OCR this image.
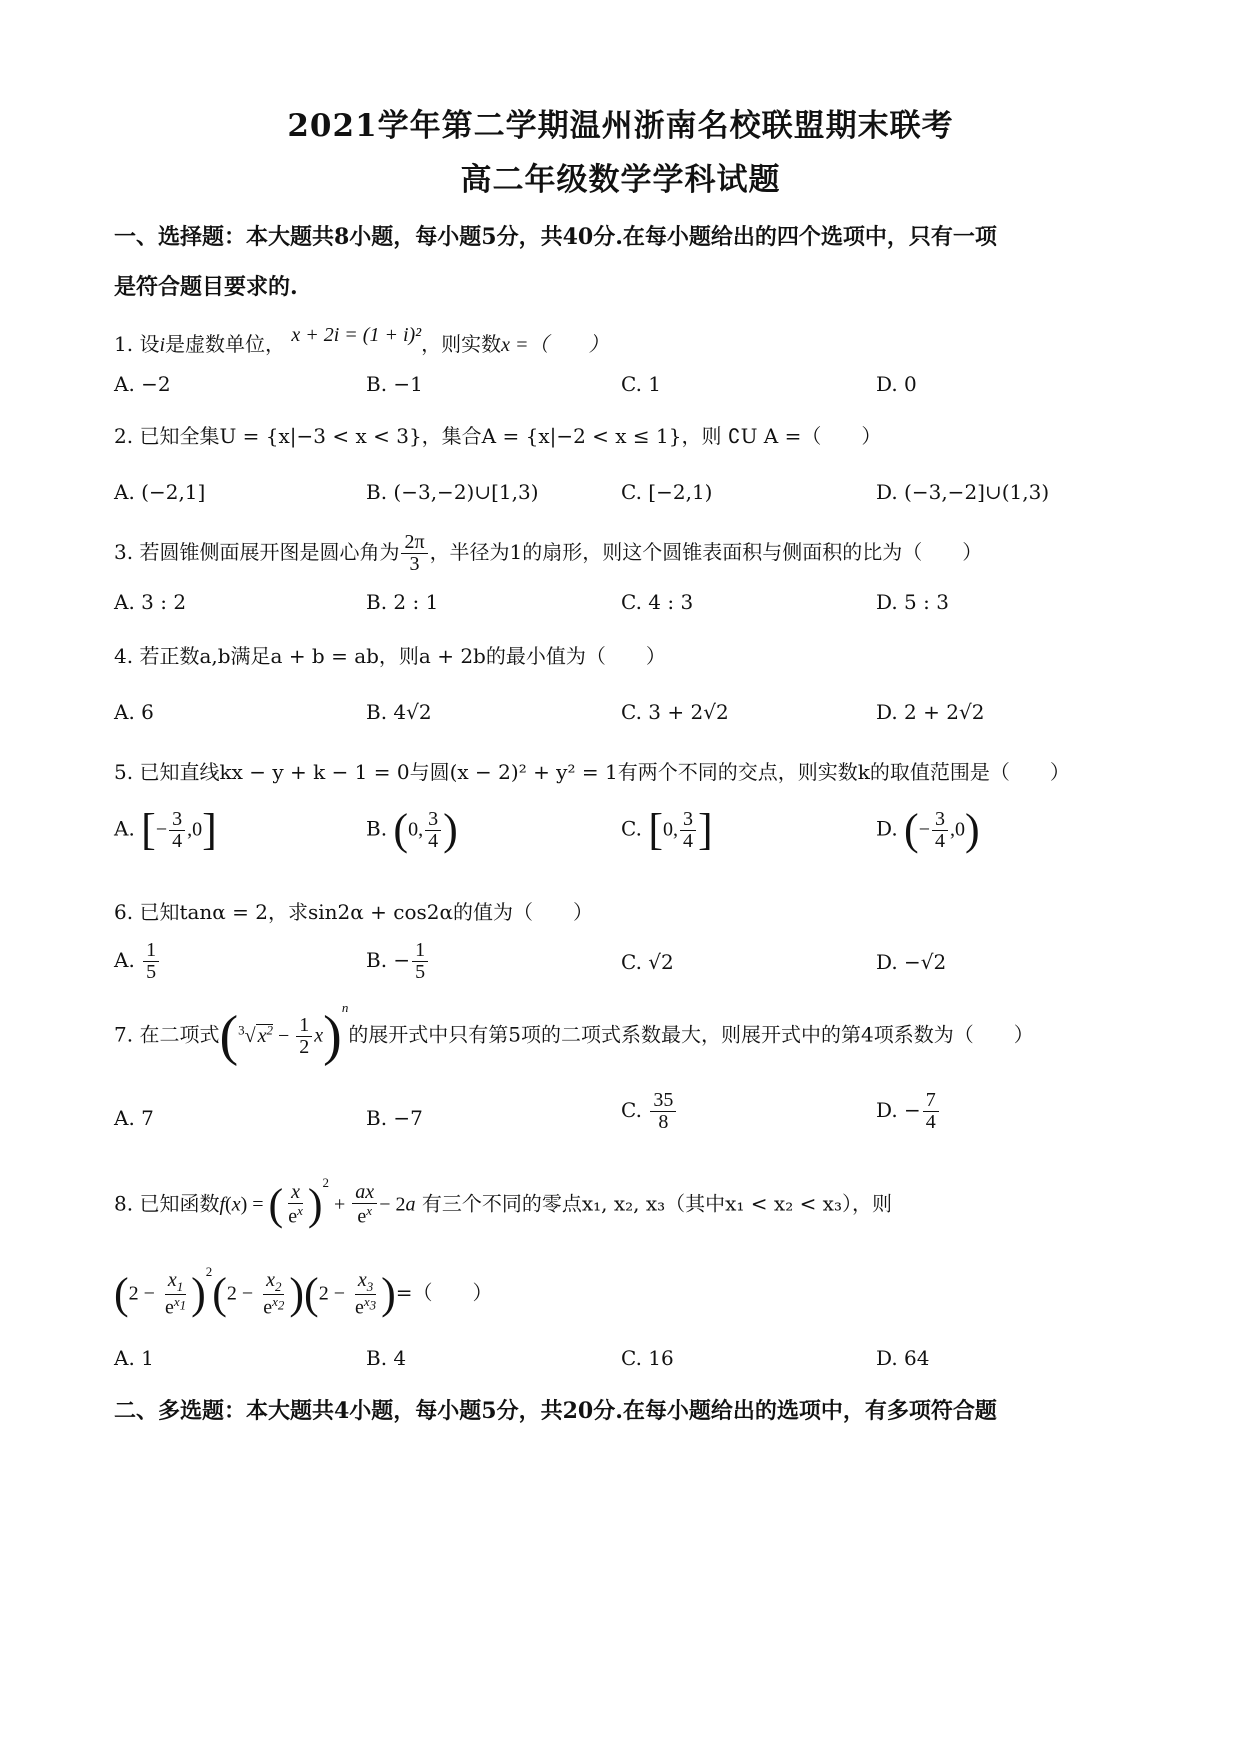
2021学年第二学期温州浙南名校联盟期末联考
高二年级数学学科试题
一、选择题：本大题共8小题，每小题5分，共40分.在每小题给出的四个选项中，只有一项
是符合题目要求的.
1. 设i是虚数单位， x + 2i = (1 + i)²，则实数x =（　　）
A. −2	B. −1	C. 1	D. 0
2. 已知全集U = {x|−3 < x < 3}，集合A = {x|−2 < x ≤ 1}，则 ∁U A =（　　）
A. (−2,1]	B. (−3,−2)∪[1,3)	C. [−2,1)	D. (−3,−2]∪(1,3)
3. 若圆锥侧面展开图是圆心角为 $\frac{2\pi}{3}$ ，半径为1的扇形，则这个圆锥表面积与侧面积的比为（　　）
A. 3 : 2	B. 2 : 1	C. 4 : 3	D. 5 : 3
4. 若正数a,b满足a + b = ab，则a + 2b的最小值为（　　）
A. 6	B. 4√2	C. 3 + 2√2	D. 2 + 2√2
5. 已知直线kx − y + k − 1 = 0与圆(x − 2)² + y² = 1有两个不同的交点，则实数k的取值范围是（　　）
A. [− $\frac{3}{4} ,0$]	B. (0, $\frac{3}{4}$ )	C. [0, $\frac{3}{4}$ ]	D. (− $\frac{3}{4} ,0$)
6. 已知tanα = 2，求sin2α + cos2α的值为（　　）
A. $\frac{1}{5}$	B. − $\frac{1}{5}$	C. √2	D. −√2
7. 在二项式($^3$√ $x^2 - \frac{1}{2} x)^n$的展开式中只有第5项的二项式系数最大，则展开式中的第4项系数为（　　）
A. 7	B. −7	C. $\frac{35}{8}$	D. − $\frac{7}{4}$
8. 已知函数f(x) = ( $\frac{x}{e^x} )^2 + \frac{ax}{e^x} - 2a$ 有三个不同的零点x₁, x₂, x₃（其中x₁ < x₂ < x₃），则
$(2 - \frac{x_1}{e^{x_1}} )^2(2 - \frac{x_2}{e^{x_2}} )(2 - \frac{x_3}{e^{x_3}}$ )=（　　）
A. 1	B. 4	C. 16	D. 64
二、多选题：本大题共4小题，每小题5分，共20分.在每小题给出的选项中，有多项符合题
